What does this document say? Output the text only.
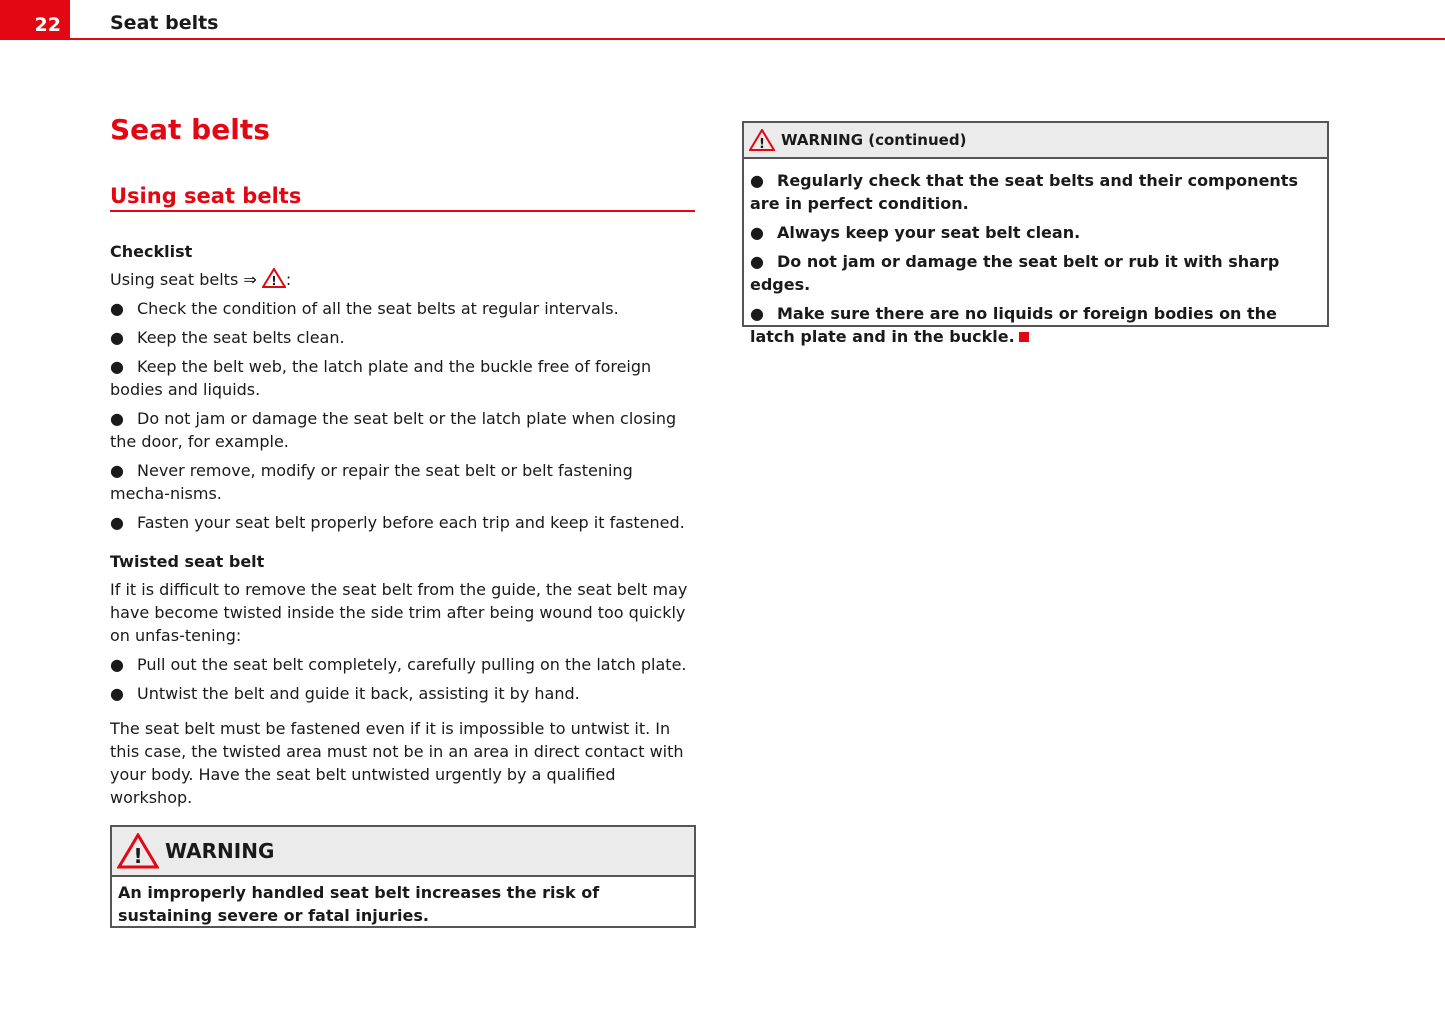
22	Seat belts
Seat belts
Using seat belts

Checklist

Using seat belts ⇒ ! :

● Check the condition of all the seat belts at regular intervals.
● Keep the seat belts clean.
● Keep the belt web, the latch plate and the buckle free of foreign bodies and liquids.
● Do not jam or damage the seat belt or the latch plate when closing the door, for example.
● Never remove, modify or repair the seat belt or belt fastening mecha-nisms.
● Fasten your seat belt properly before each trip and keep it fastened.

Twisted seat belt

If it is difficult to remove the seat belt from the guide, the seat belt may have become twisted inside the side trim after being wound too quickly on unfas-tening:

● Pull out the seat belt completely, carefully pulling on the latch plate.
● Untwist the belt and guide it back, assisting it by hand.

The seat belt must be fastened even if it is impossible to untwist it. In this case, the twisted area must not be in an area in direct contact with your body. Have the seat belt untwisted urgently by a qualified workshop.

! WARNING
An improperly handled seat belt increases the risk of sustaining severe or fatal injuries.
! WARNING (continued)
● Regularly check that the seat belts and their components are in perfect condition.
● Always keep your seat belt clean.
● Do not jam or damage the seat belt or rub it with sharp edges.
● Make sure there are no liquids or foreign bodies on the latch plate and in the buckle.
